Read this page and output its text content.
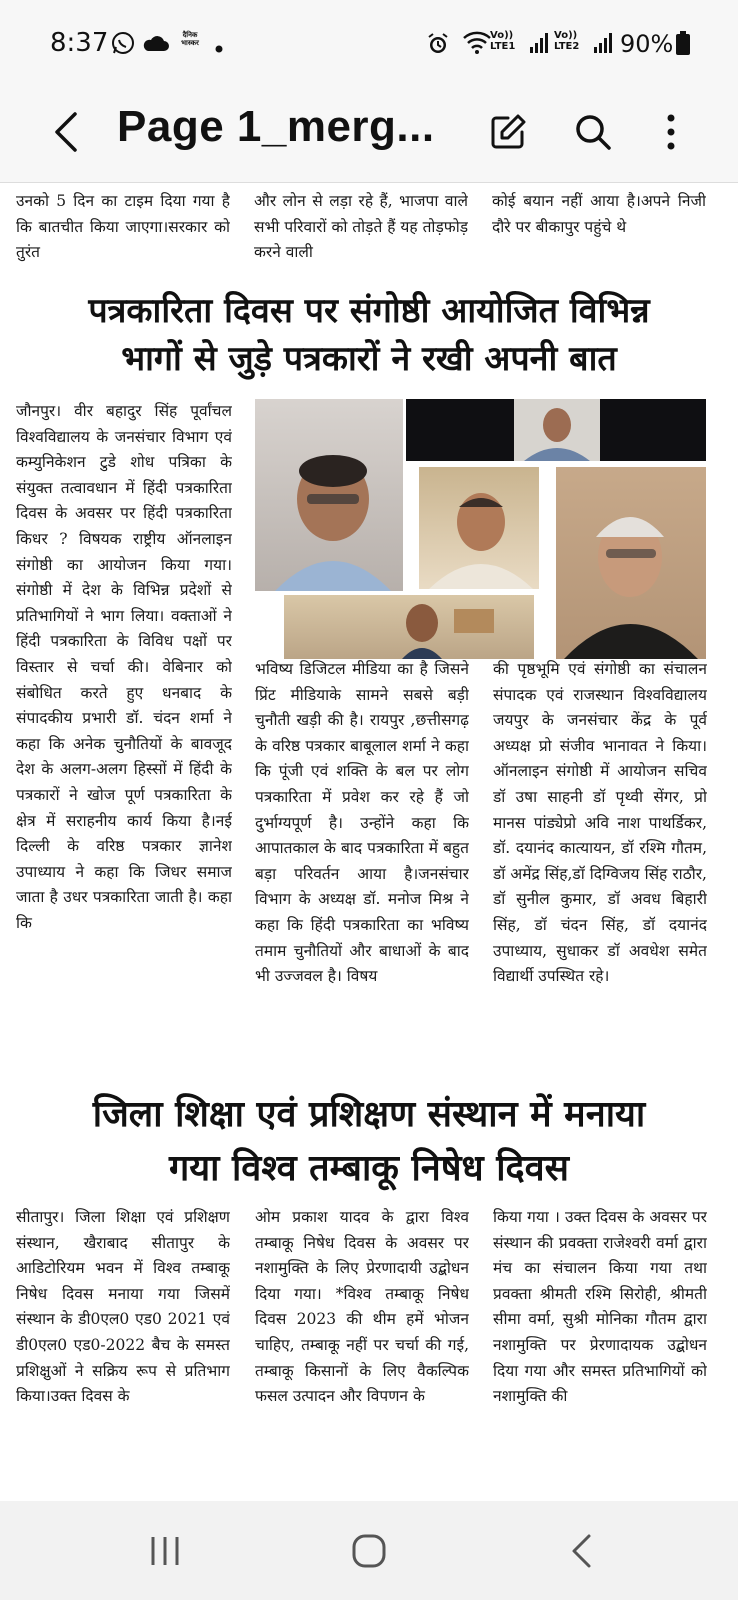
8:37	दैनिक भास्कर
Vo)) LTE1
Vo)) LTE2	90%
Page 1_merg...
उनको 5 दिन का टाइम दिया गया है कि बातचीत किया जाएगा।सरकार को तुरंत
और लोन से लड़ा रहे हैं, भाजपा वाले सभी परिवारों को तोड़ते हैं यह तोड़फोड़ करने वाली
कोई बयान नहीं आया है।अपने निजी दौरे पर बीकापुर पहुंचे थे
पत्रकारिता दिवस पर संगोष्ठी आयोजित विभिन्न
भागों से जुड़े पत्रकारों ने रखी अपनी बात
जौनपुर। वीर बहादुर सिंह पूर्वांचल विश्वविद्यालय के जनसंचार विभाग एवं कम्युनिकेशन टुडे शोध पत्रिका के संयुक्त तत्वावधान में हिंदी पत्रकारिता दिवस के अवसर पर हिंदी पत्रकारिता किधर ? विषयक राष्ट्रीय ऑनलाइन संगोष्ठी का आयोजन किया गया। संगोष्ठी में देश के विभिन्न प्रदेशों से प्रतिभागियों ने भाग लिया। वक्ताओं ने हिंदी पत्रकारिता के विविध पक्षों पर विस्तार से चर्चा की। वेबिनार को संबोधित करते हुए धनबाद के संपादकीय प्रभारी डॉ. चंदन शर्मा ने कहा कि अनेक चुनौतियों के बावजूद देश के अलग-अलग हिस्सों में हिंदी के पत्रकारों ने खोज पूर्ण पत्रकारिता के क्षेत्र में सराहनीय कार्य किया है।नई दिल्ली के वरिष्ठ पत्रकार ज्ञानेश उपाध्याय ने कहा कि जिधर समाज जाता है उधर पत्रकारिता जाती है। कहा कि
भविष्य डिजिटल मीडिया का है जिसने प्रिंट मीडियाके सामने सबसे बड़ी चुनौती खड़ी की है। रायपुर ,छत्तीसगढ़ के वरिष्ठ पत्रकार बाबूलाल शर्मा ने कहा कि पूंजी एवं शक्ति के बल पर लोग पत्रकारिता में प्रवेश कर रहे हैं जो दुर्भाग्यपूर्ण है। उन्होंने कहा कि आपातकाल के बाद पत्रकारिता में बहुत बड़ा परिवर्तन आया है।जनसंचार विभाग के अध्यक्ष डॉ. मनोज मिश्र ने कहा कि हिंदी पत्रकारिता का भविष्य तमाम चुनौतियों और बाधाओं के बाद भी उज्जवल है। विषय
की पृष्ठभूमि एवं संगोष्ठी का संचालन संपादक एवं राजस्थान विश्वविद्यालय जयपुर के जनसंचार केंद्र के पूर्व अध्यक्ष प्रो संजीव भानावत ने किया। ऑनलाइन संगोष्ठी में आयोजन सचिव डॉ उषा साहनी डॉ पृथ्वी सेंगर, प्रो मानस पांड्येप्रो अवि नाश पाथर्डिकर, डॉ. दयानंद कात्यायन, डॉ रश्मि गौतम, डॉ अमेंद्र सिंह,डॉ दिग्विजय सिंह राठौर, डॉ सुनील कुमार, डॉ अवध बिहारी सिंह, डॉ चंदन सिंह, डॉ दयानंद उपाध्याय, सुधाकर डॉ अवधेश समेत विद्यार्थी उपस्थित रहे।
जिला शिक्षा एवं प्रशिक्षण संस्थान में मनाया
गया विश्व तम्बाकू निषेध दिवस
सीतापुर। जिला शिक्षा एवं प्रशिक्षण संस्थान, खैराबाद सीतापुर के आडिटोरियम भवन में विश्व तम्बाकू निषेध दिवस मनाया गया जिसमें संस्थान के डी0एल0 एड0 2021 एवं डी0एल0 एड0-2022 बैच के समस्त प्रशिक्षुओं ने सक्रिय रूप से प्रतिभाग किया।उक्त दिवस के
ओम प्रकाश यादव के द्वारा विश्व तम्बाकू निषेध दिवस के अवसर पर नशामुक्ति के लिए प्रेरणादायी उद्बोधन दिया गया। *विश्व तम्बाकू निषेध दिवस 2023 की थीम हमें भोजन चाहिए, तम्बाकू नहीं पर चर्चा की गई, तम्बाकू किसानों के लिए वैकल्पिक फसल उत्पादन और विपणन के
किया गया । उक्त दिवस के अवसर पर संस्थान की प्रवक्ता राजेश्वरी वर्मा द्वारा मंच का संचालन किया गया तथा प्रवक्ता श्रीमती रश्मि सिरोही, श्रीमती सीमा वर्मा, सुश्री मोनिका गौतम द्वारा नशामुक्ति पर प्रेरणादायक उद्बोधन दिया गया और समस्त प्रतिभागियों को नशामुक्ति की
